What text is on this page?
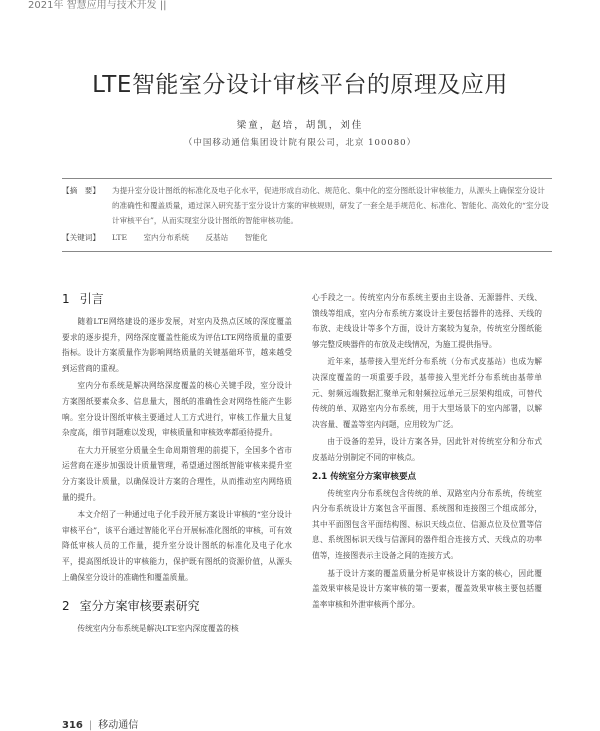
2021年 智慧应用与技术开发 ||
LTE智能室分设计审核平台的原理及应用
梁童，赵培，胡凯，刘佳
（中国移动通信集团设计院有限公司，北京 100080）
【摘　要】	为提升室分设计图纸的标准化及电子化水平，促进形成自动化、规范化、集中化的室分图纸设计审核能力，从源头上确保室分设计的准确性和覆盖质量，通过深入研究基于室分设计方案的审核规则，研发了一套全是手规范化、标准化、智能化、高效化的“室分设计审核平台”，从而实现室分设计图纸的智能审核功能。
【关键词】	LTE 室内分布系统 反基站 智能化
1 引言

随着LTE网络建设的逐步发展，对室内及热点区域的深度覆盖要求的逐步提升，网络深度覆盖性能成为评估LTE网络质量的重要指标。设计方案质量作为影响网络质量的关键基础环节，越来越受到运营商的重视。

室内分布系统是解决网络深度覆盖的核心关键手段，室分设计方案图纸要素众多、信息量大，图纸的准确性会对网络性能产生影响。室分设计图纸审核主要通过人工方式进行，审核工作量大且复杂度高，细节问题难以发现，审核质量和审核效率都亟待提升。

在大力开展室分质量全生命周期管理的前提下，全国多个省市运营商在逐步加强设计质量管理，希望通过图纸智能审核来提升室分方案设计质量，以确保设计方案的合理性，从而推动室内网络质量的提升。

本文介绍了一种通过电子化手段开展方案设计审核的“室分设计审核平台”，该平台通过智能化平台开展标准化图纸的审核，可有效降低审核人员的工作量，提升室分设计图纸的标准化及电子化水平，提高图纸设计的审核能力，保护既有图纸的资源价值，从源头上确保室分设计的准确性和覆盖质量。

2 室分方案审核要素研究

传统室内分布系统是解决LTE室内深度覆盖的核

心手段之一。传统室内分布系统主要由主设备、无源器件、天线、馈线等组成，室内分布系统方案设计主要包括器件的选择、天线的布放、走线设计等多个方面，设计方案较为复杂，传统室分图纸能够完整反映器件的布放及走线情况，为施工提供指导。

近年来，基带接入型光纤分布系统（分布式皮基站）也成为解决深度覆盖的一项重要手段，基带接入型光纤分布系统由基带单元、射频远端数据汇聚单元和射频拉远单元三层架构组成，可替代传统的单、双路室内分布系统，用于大型场景下的室内部署，以解决容量、覆盖等室内问题，应用较为广泛。

由于设备的差异，设计方案各异，因此针对传统室分和分布式皮基站分别制定不同的审核点。

2.1 传统室分方案审核要点

传统室内分布系统包含传统的单、双路室内分布系统，传统室内分布系统设计方案包含平面图、系统图和连接图三个组成部分，其中平面图包含平面结构图、标识天线点位、信源点位及位置等信息、系统图标识天线与信源间的器件组合连接方式、天线点的功率值等，连接图表示主设备之间的连接方式。

基于设计方案的覆盖质量分析是审核设计方案的核心，因此覆盖效果审核是设计方案审核的第一要素，覆盖效果审核主要包括覆盖率审核和外泄审核两个部分。

316 | 移动通信
